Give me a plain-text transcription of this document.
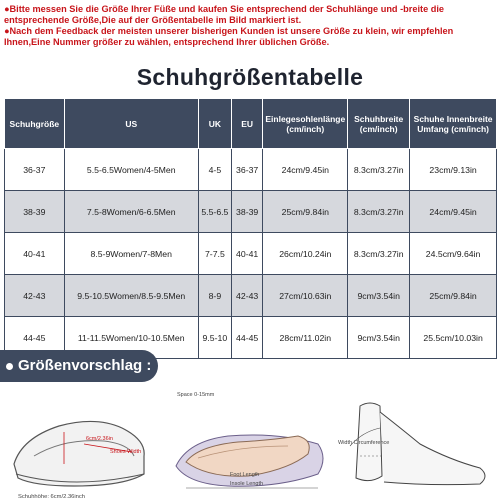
●Bitte messen Sie die Größe Ihrer Füße und kaufen Sie entsprechend der Schuhlänge und -breite die entsprechende Größe,Die auf der Größentabelle im Bild markiert ist.

●Nach dem Feedback der meisten unserer bisherigen Kunden ist unsere Größe zu klein, wir empfehlen Ihnen,Eine Nummer größer zu wählen, entsprechend Ihrer üblichen Größe.

Schuhgrößentabelle
Schuhgröße	US	UK	EU	Einlegesohlenlänge (cm/inch)	Schuhbreite (cm/inch)	Schuhe Innenbreite Umfang (cm/inch)
36-37	5.5-6.5Women/4-5Men	4-5	36-37	24cm/9.45in	8.3cm/3.27in	23cm/9.13in
38-39	7.5-8Women/6-6.5Men	5.5-6.5	38-39	25cm/9.84in	8.3cm/3.27in	24cm/9.45in
40-41	8.5-9Women/7-8Men	7-7.5	40-41	26cm/10.24in	8.3cm/3.27in	24.5cm/9.64in
42-43	9.5-10.5Women/8.5-9.5Men	8-9	42-43	27cm/10.63in	9cm/3.54in	25cm/9.84in
44-45	11-11.5Women/10-10.5Men	9.5-10	44-45	28cm/11.02in	9cm/3.54in	25.5cm/10.03in
Größenvorschlag :
6cm/2.36in
Shoes Width
Schuhhöhe: 6cm/2.36inch
Space 0-15mm
Foot Length
Insole Length
Width Circumference
